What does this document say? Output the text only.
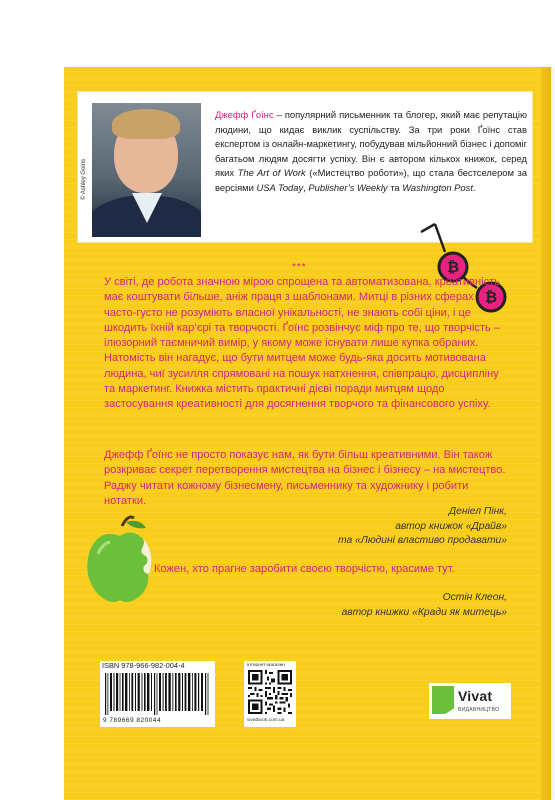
© Ashley Goins
Джефф Ґоїнс – популярний письменник та блогер, який має репутацію людини, що кидає виклик суспільству. За три роки Ґоїнс став експертом із онлайн-маркетингу, побудував мільйонний бізнес і допоміг багатьом людям досягти успіху. Він є автором кількох книжок, серед яких The Art of Work («Мистецтво роботи»), що стала бестселером за версіями USA Today, Publisher’s Weekly та Washington Post.
₿
₿
***

У світі, де робота значною мірою спрощена та автоматизована, креативність має коштувати більше, аніж праця з шаблонами. Митці в різних сферах часто-густо не розуміють власної унікальності, не знають собі ціни, і це шкодить їхній кар’єрі та творчості. Ґоїнс розвінчує міф про те, що творчість – ілюзорний таємничий вимір, у якому може існувати лише купка обраних. Натомість він нагадує, що бути митцем може будь-яка досить мотивована людина, чиї зусилля спрямовані на пошук натхнення, співпрацю, дисципліну та маркетинг. Книжка містить практичні дієві поради митцям щодо застосування креативності для досягнення творчого та фінансового успіху.

Джефф Ґоїнс не просто показує нам, як бути більш креативними. Він також розкриває секрет перетворення мистецтва на бізнес і бізнесу – на мистецтво. Раджу читати кожному бізнесмену, письменнику та художнику і робити нотатки.

Деніел Пінк,
автор книжок «Драйв»
та «Людині властиво продавати»
Кожен, хто прагне заробити своєю творчістю, красиме тут.
Остін Клеон,
автор книжки «Кради як митець»
ISBN 978-966-982-004-4
9 789669 820044
інтернет-магазин
vivatbook.com.ua
Vivat
ВИДАВНИЦТВО
